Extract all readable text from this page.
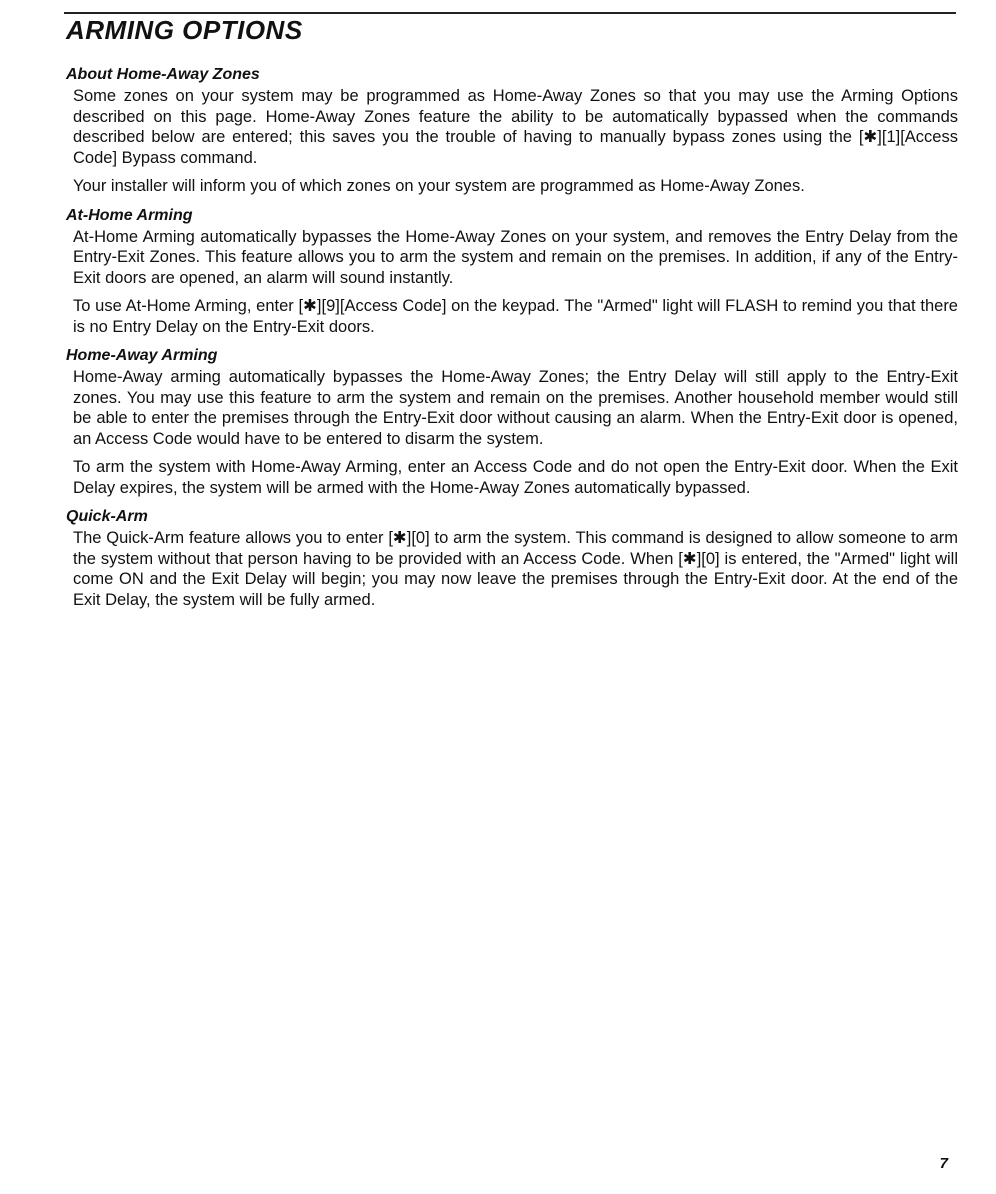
ARMING OPTIONS
About Home-Away Zones

Some zones on your system may be programmed as Home-Away Zones so that you may use the Arming Options described on this page. Home-Away Zones feature the ability to be automatically bypassed when the commands described below are entered; this saves you the trouble of having to manually bypass zones using the [✱][1][Access Code] Bypass command.

Your installer will inform you of which zones on your system are programmed as Home-Away Zones.

At-Home Arming

At-Home Arming automatically bypasses the Home-Away Zones on your system, and removes the Entry Delay from the Entry-Exit Zones. This feature allows you to arm the system and remain on the premises. In addition, if any of the Entry-Exit doors are opened, an alarm will sound instantly.

To use At-Home Arming, enter [✱][9][Access Code] on the keypad. The "Armed" light will FLASH to remind you that there is no Entry Delay on the Entry-Exit doors.

Home-Away Arming

Home-Away arming automatically bypasses the Home-Away Zones; the Entry Delay will still apply to the Entry-Exit zones. You may use this feature to arm the system and remain on the premises. Another household member would still be able to enter the premises through the Entry-Exit door without causing an alarm. When the Entry-Exit door is opened, an Access Code would have to be entered to disarm the system.

To arm the system with Home-Away Arming, enter an Access Code and do not open the Entry-Exit door. When the Exit Delay expires, the system will be armed with the Home-Away Zones automatically bypassed.

Quick-Arm

The Quick-Arm feature allows you to enter [✱][0] to arm the system. This command is designed to allow someone to arm the system without that person having to be provided with an Access Code. When [✱][0] is entered, the "Armed" light will come ON and the Exit Delay will begin; you may now leave the premises through the Entry-Exit door. At the end of the Exit Delay, the system will be fully armed.

7
